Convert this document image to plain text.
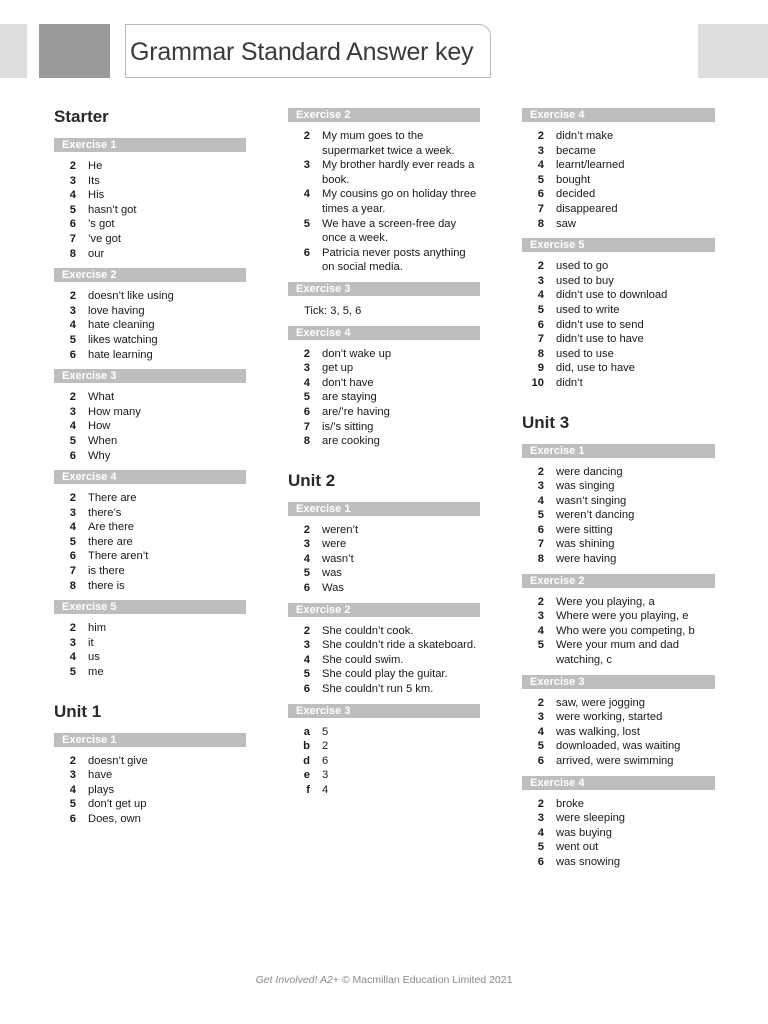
Grammar Standard Answer key
Starter
Exercise 1
2 He
3 Its
4 His
5 hasn’t got
6 ’s got
7 ’ve got
8 our
Exercise 2
2 doesn’t like using
3 love having
4 hate cleaning
5 likes watching
6 hate learning
Exercise 3
2 What
3 How many
4 How
5 When
6 Why
Exercise 4
2 There are
3 there’s
4 Are there
5 there are
6 There aren’t
7 is there
8 there is
Exercise 5
2 him
3 it
4 us
5 me
Unit 1
Exercise 1
2 doesn’t give
3 have
4 plays
5 don’t get up
6 Does, own
Exercise 2
2 My mum goes to the supermarket twice a week.
3 My brother hardly ever reads a book.
4 My cousins go on holiday three times a year.
5 We have a screen-free day once a week.
6 Patricia never posts anything on social media.
Exercise 3

Tick: 3, 5, 6

Exercise 4
2 don’t wake up
3 get up
4 don’t have
5 are staying
6 are/’re having
7 is/’s sitting
8 are cooking
Unit 2
Exercise 1
2 weren’t
3 were
4 wasn’t
5 was
6 Was
Exercise 2
2 She couldn’t cook.
3 She couldn’t ride a skateboard.
4 She could swim.
5 She could play the guitar.
6 She couldn’t run 5 km.
Exercise 3
a 5
b 2
d 6
e 3
f 4
Exercise 4
2 didn’t make
3 became
4 learnt/learned
5 bought
6 decided
7 disappeared
8 saw
Exercise 5
2 used to go
3 used to buy
4 didn’t use to download
5 used to write
6 didn’t use to send
7 didn’t use to have
8 used to use
9 did, use to have
10 didn’t
Unit 3
Exercise 1
2 were dancing
3 was singing
4 wasn’t singing
5 weren’t dancing
6 were sitting
7 was shining
8 were having
Exercise 2
2 Were you playing, a
3 Where were you playing, e
4 Who were you competing, b
5 Were your mum and dad watching, c
Exercise 3
2 saw, were jogging
3 were working, started
4 was walking, lost
5 downloaded, was waiting
6 arrived, were swimming
Exercise 4
2 broke
3 were sleeping
4 was buying
5 went out
6 was snowing
Get Involved! A2+ © Macmillan Education Limited 2021
